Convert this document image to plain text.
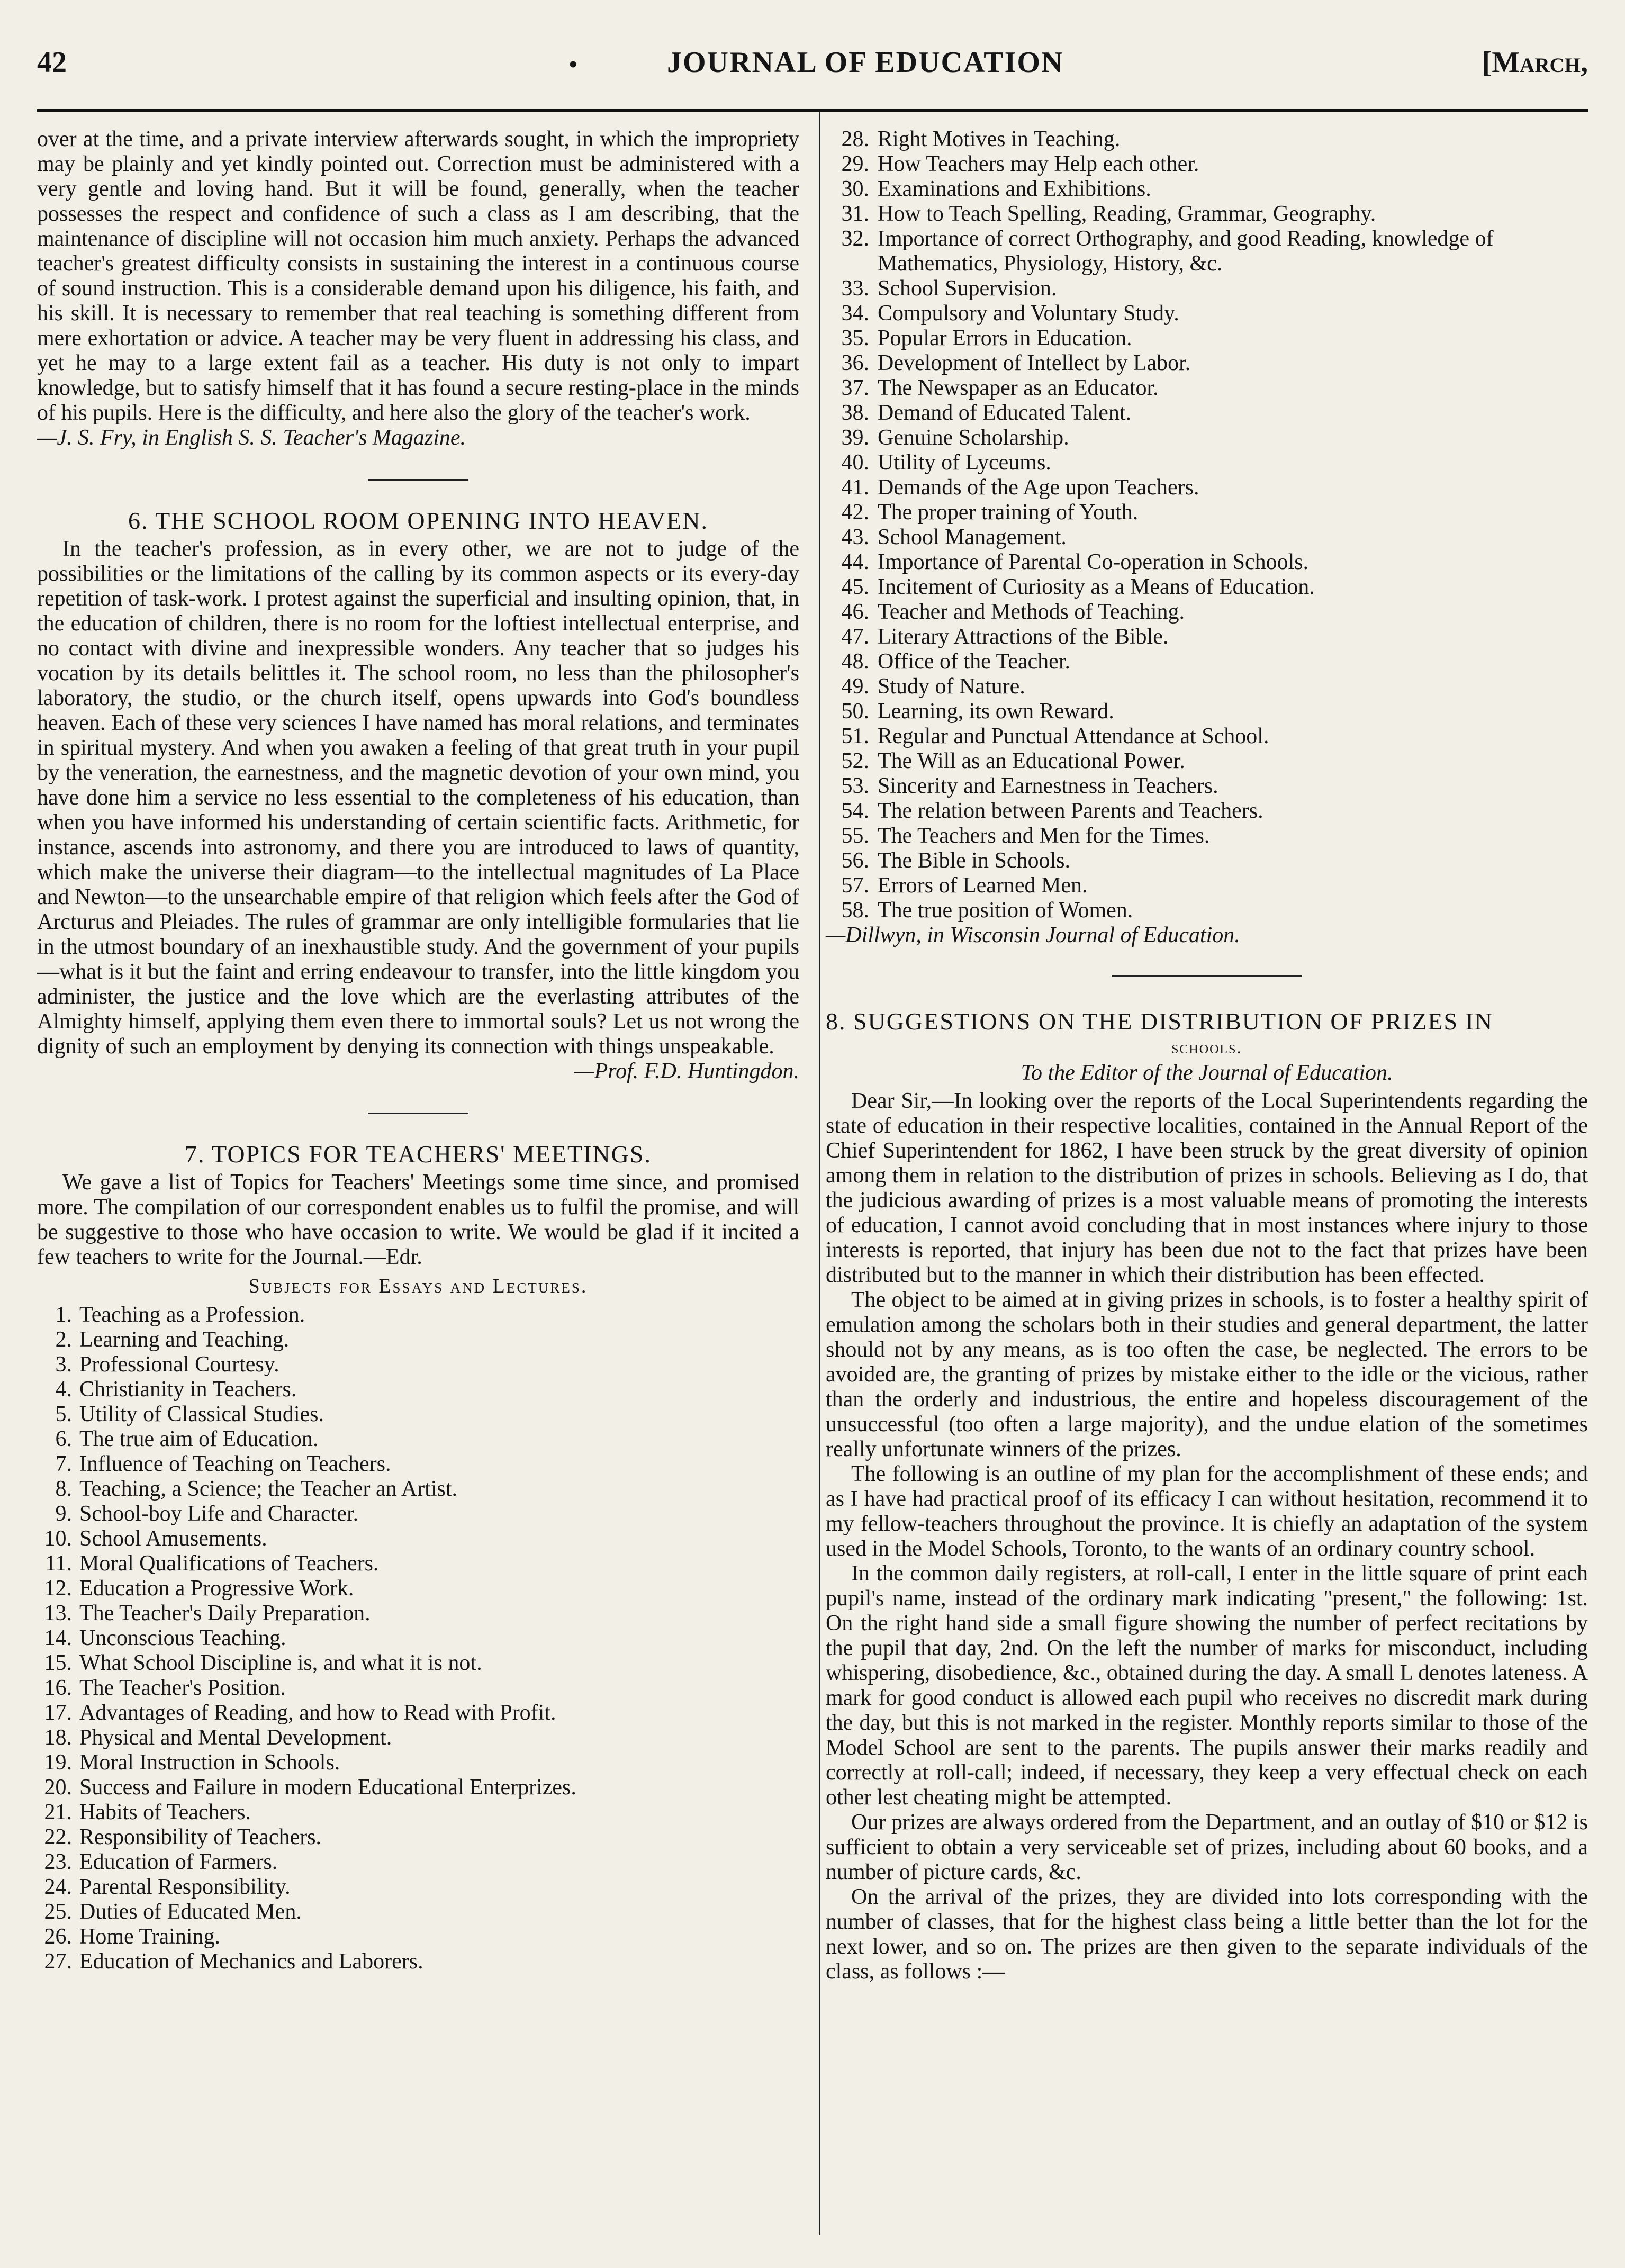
42	•	JOURNAL OF EDUCATION	[March,

over at the time, and a private interview afterwards sought, in which the impropriety may be plainly and yet kindly pointed out. Correction must be administered with a very gentle and loving hand. But it will be found, generally, when the teacher possesses the respect and confidence of such a class as I am describing, that the maintenance of discipline will not occasion him much anxiety. Perhaps the advanced teacher's greatest difficulty consists in sustaining the interest in a continuous course of sound instruction. This is a considerable demand upon his diligence, his faith, and his skill. It is necessary to remember that real teaching is something different from mere exhortation or advice. A teacher may be very fluent in addressing his class, and yet he may to a large extent fail as a teacher. His duty is not only to impart knowledge, but to satisfy himself that it has found a secure resting-place in the minds of his pupils. Here is the difficulty, and here also the glory of the teacher's work.

—J. S. Fry, in English S. S. Teacher's Magazine.

6. THE SCHOOL ROOM OPENING INTO HEAVEN.

In the teacher's profession, as in every other, we are not to judge of the possibilities or the limitations of the calling by its common aspects or its every-day repetition of task-work. I protest against the superficial and insulting opinion, that, in the education of children, there is no room for the loftiest intellectual enterprise, and no contact with divine and inexpressible wonders. Any teacher that so judges his vocation by its details belittles it. The school room, no less than the philosopher's laboratory, the studio, or the church itself, opens upwards into God's boundless heaven. Each of these very sciences I have named has moral relations, and terminates in spiritual mystery. And when you awaken a feeling of that great truth in your pupil by the veneration, the earnestness, and the magnetic devotion of your own mind, you have done him a service no less essential to the completeness of his education, than when you have informed his understanding of certain scientific facts. Arithmetic, for instance, ascends into astronomy, and there you are introduced to laws of quantity, which make the universe their diagram—to the intellectual magnitudes of La Place and Newton—to the unsearchable empire of that religion which feels after the God of Arcturus and Pleiades. The rules of grammar are only intelligible formularies that lie in the utmost boundary of an inexhaustible study. And the government of your pupils—what is it but the faint and erring endeavour to transfer, into the little kingdom you administer, the justice and the love which are the everlasting attributes of the Almighty himself, applying them even there to immortal souls? Let us not wrong the dignity of such an employment by denying its connection with things unspeakable.

—Prof. F.D. Huntingdon.

7. TOPICS FOR TEACHERS' MEETINGS.

We gave a list of Topics for Teachers' Meetings some time since, and promised more. The compilation of our correspondent enables us to fulfil the promise, and will be suggestive to those who have occasion to write. We would be glad if it incited a few teachers to write for the Journal.—Edr.

Subjects for Essays and Lectures.
1. Teaching as a Profession.
2. Learning and Teaching.
3. Professional Courtesy.
4. Christianity in Teachers.
5. Utility of Classical Studies.
6. The true aim of Education.
7. Influence of Teaching on Teachers.
8. Teaching, a Science; the Teacher an Artist.
9. School-boy Life and Character.
10. School Amusements.
11. Moral Qualifications of Teachers.
12. Education a Progressive Work.
13. The Teacher's Daily Preparation.
14. Unconscious Teaching.
15. What School Discipline is, and what it is not.
16. The Teacher's Position.
17. Advantages of Reading, and how to Read with Profit.
18. Physical and Mental Development.
19. Moral Instruction in Schools.
20. Success and Failure in modern Educational Enterprizes.
21. Habits of Teachers.
22. Responsibility of Teachers.
23. Education of Farmers.
24. Parental Responsibility.
25. Duties of Educated Men.
26. Home Training.
27. Education of Mechanics and Laborers.
28. Right Motives in Teaching.
29. How Teachers may Help each other.
30. Examinations and Exhibitions.
31. How to Teach Spelling, Reading, Grammar, Geography.
32. Importance of correct Orthography, and good Reading, knowledge of Mathematics, Physiology, History, &c.
33. School Supervision.
34. Compulsory and Voluntary Study.
35. Popular Errors in Education.
36. Development of Intellect by Labor.
37. The Newspaper as an Educator.
38. Demand of Educated Talent.
39. Genuine Scholarship.
40. Utility of Lyceums.
41. Demands of the Age upon Teachers.
42. The proper training of Youth.
43. School Management.
44. Importance of Parental Co-operation in Schools.
45. Incitement of Curiosity as a Means of Education.
46. Teacher and Methods of Teaching.
47. Literary Attractions of the Bible.
48. Office of the Teacher.
49. Study of Nature.
50. Learning, its own Reward.
51. Regular and Punctual Attendance at School.
52. The Will as an Educational Power.
53. Sincerity and Earnestness in Teachers.
54. The relation between Parents and Teachers.
55. The Teachers and Men for the Times.
56. The Bible in Schools.
57. Errors of Learned Men.
58. The true position of Women.

—Dillwyn, in Wisconsin Journal of Education.

8. SUGGESTIONS ON THE DISTRIBUTION OF PRIZES IN
schools.
To the Editor of the Journal of Education.

Dear Sir,—In looking over the reports of the Local Superintendents regarding the state of education in their respective localities, contained in the Annual Report of the Chief Superintendent for 1862, I have been struck by the great diversity of opinion among them in relation to the distribution of prizes in schools. Believing as I do, that the judicious awarding of prizes is a most valuable means of promoting the interests of education, I cannot avoid concluding that in most instances where injury to those interests is reported, that injury has been due not to the fact that prizes have been distributed but to the manner in which their distribution has been effected.

The object to be aimed at in giving prizes in schools, is to foster a healthy spirit of emulation among the scholars both in their studies and general department, the latter should not by any means, as is too often the case, be neglected. The errors to be avoided are, the granting of prizes by mistake either to the idle or the vicious, rather than the orderly and industrious, the entire and hopeless discouragement of the unsuccessful (too often a large majority), and the undue elation of the sometimes really unfortunate winners of the prizes.

The following is an outline of my plan for the accomplishment of these ends; and as I have had practical proof of its efficacy I can without hesitation, recommend it to my fellow-teachers throughout the province. It is chiefly an adaptation of the system used in the Model Schools, Toronto, to the wants of an ordinary country school.

In the common daily registers, at roll-call, I enter in the little square of print each pupil's name, instead of the ordinary mark indicating "present," the following: 1st. On the right hand side a small figure showing the number of perfect recitations by the pupil that day, 2nd. On the left the number of marks for misconduct, including whispering, disobedience, &c., obtained during the day. A small L denotes lateness. A mark for good conduct is allowed each pupil who receives no discredit mark during the day, but this is not marked in the register. Monthly reports similar to those of the Model School are sent to the parents. The pupils answer their marks readily and correctly at roll-call; indeed, if necessary, they keep a very effectual check on each other lest cheating might be attempted.

Our prizes are always ordered from the Department, and an outlay of $10 or $12 is sufficient to obtain a very serviceable set of prizes, including about 60 books, and a number of picture cards, &c.

On the arrival of the prizes, they are divided into lots corresponding with the number of classes, that for the highest class being a little better than the lot for the next lower, and so on. The prizes are then given to the separate individuals of the class, as follows :—
